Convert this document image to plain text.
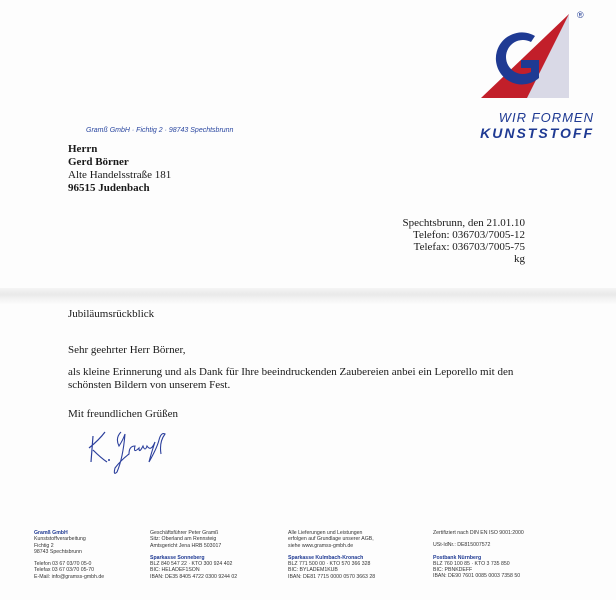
®
WIR FORMEN
KUNSTSTOFF
Gramß GmbH · Fichtig 2 · 98743 Spechtsbrunn
Herrn
Gerd Börner
Alte Handelsstraße 181
96515 Judenbach
Spechtsbrunn, den 21.01.10
Telefon: 036703/7005-12
Telefax: 036703/7005-75
kg
Jubiläumsrückblick
Sehr geehrter Herr Börner,
als kleine Erinnerung und als Dank für Ihre beeindruckenden Zaubereien anbei ein Leporello mit den schönsten Bildern von unserem Fest.
Mit freundlichen Grüßen
Gramß GmbH
Kunststoffverarbeitung
Fichtig 2
98743 Spechtsbrunn
Telefon 03 67 03/70 05-0
Telefax 03 67 03/70 05-70
E-Mail: info@gramss-gmbh.de
Geschäftsführer Peter Gramß
Sitz: Oberland am Rennsteig
Amtsgericht Jena HRB 503017
Sparkasse Sonneberg
BLZ 840 547 22 · KTO 300 924 402
BIC: HELADEF1SON
IBAN: DE35 8405 4722 0300 9244 02
Alle Lieferungen und Leistungen
erfolgen auf Grundlage unserer AGB,
siehe www.gramss-gmbh.de
Sparkasse Kulmbach-Kronach
BLZ 771 500 00 · KTO 570 366 328
BIC: BYLADEM1KUB
IBAN: DE81 7715 0000 0570 3663 28
Zertifiziert nach DIN EN ISO 9001:2000
USt-IdNr.: DE815007572
Postbank Nürnberg
BLZ 760 100 85 · KTO 3 735 850
BIC: PBNKDEFF
IBAN: DE90 7601 0085 0003 7358 50
